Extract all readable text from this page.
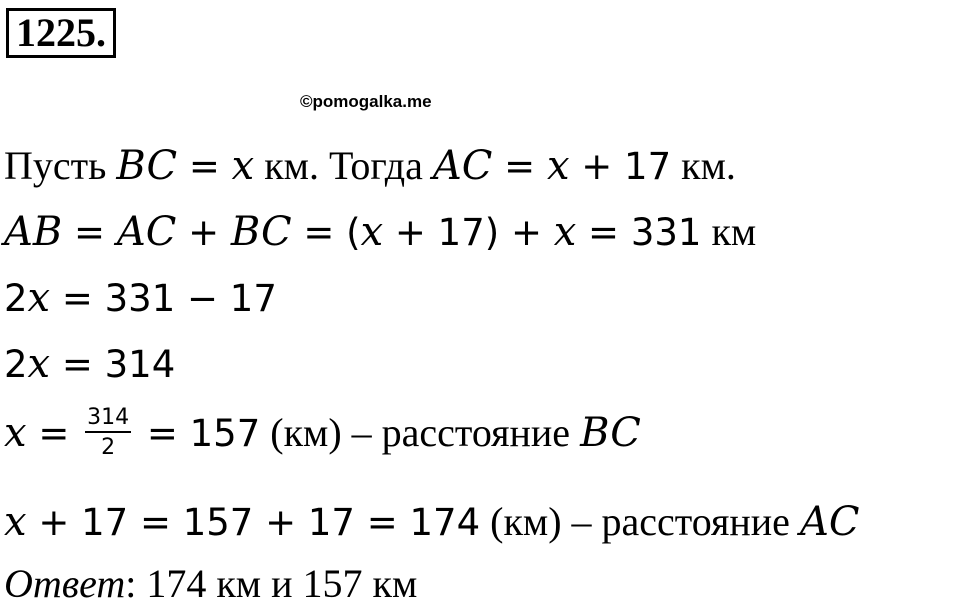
1225.
©pomogalka.me
Пусть BC = x км. Тогда AC = x + 17 км.
AB = AC + BC = (x + 17) + x = 331 км
2x = 331 − 17
2x = 314
$x = \frac{314}{2} = 157$ (км) – расстояние BC
x + 17 = 157 + 17 = 174 (км) – расстояние AC
Ответ: 174 км и 157 км
